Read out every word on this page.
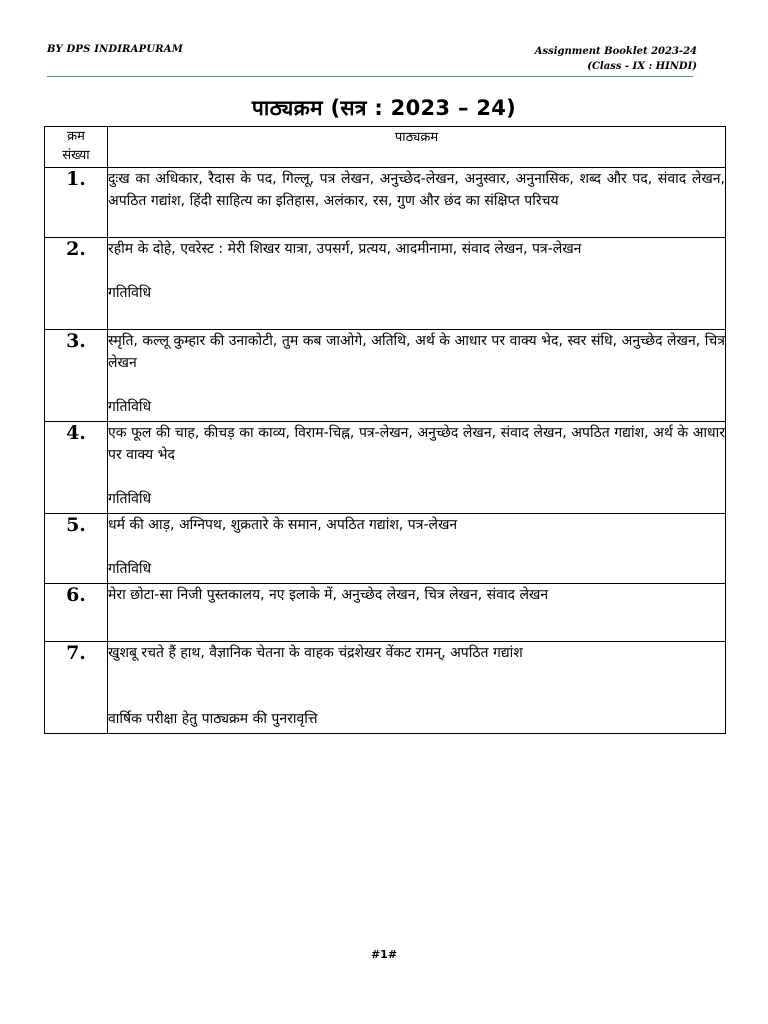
BY DPS INDIRAPURAM	Assignment Booklet 2023-24
(Class - IX : HINDI)
पाठ्यक्रम (सत्र : 2023 – 24)
क्रम
संख्या	पाठ्यक्रम
1.	दुःख का अधिकार, रैदास के पद, गिल्लू, पत्र लेखन, अनुच्छेद-लेखन, अनुस्वार, अनुनासिक, शब्द और पद, संवाद लेखन, अपठित गद्यांश, हिंदी साहित्य का इतिहास, अलंकार, रस, गुण और छंद का संक्षिप्त परिचय

2.	रहीम के दोहे, एवरेस्ट : मेरी शिखर यात्रा, उपसर्ग, प्रत्यय, आदमीनामा, संवाद लेखन, पत्र-लेखन
गतिविधि

3.	स्मृति, कल्लू कुम्हार की उनाकोटी, तुम कब जाओगे, अतिथि, अर्थ के आधार पर वाक्य भेद, स्वर संधि, अनुच्छेद लेखन, चित्र लेखन
गतिविधि

4.	एक फूल की चाह, कीचड़ का काव्य, विराम-चिह्न, पत्र-लेखन, अनुच्छेद लेखन, संवाद लेखन, अपठित गद्यांश, अर्थ के आधार पर वाक्य भेद
गतिविधि

5.	धर्म की आड़, अग्निपथ, शुक्रतारे के समान, अपठित गद्यांश, पत्र-लेखन
गतिविधि

6.	मेरा छोटा-सा निजी पुस्तकालय, नए इलाके में, अनुच्छेद लेखन, चित्र लेखन, संवाद लेखन

7.	खुशबू रचते हैं हाथ, वैज्ञानिक चेतना के वाहक चंद्रशेखर वेंकट रामन्, अपठित गद्यांश
वार्षिक परीक्षा हेतु पाठ्यक्रम की पुनरावृत्ति
#1#
